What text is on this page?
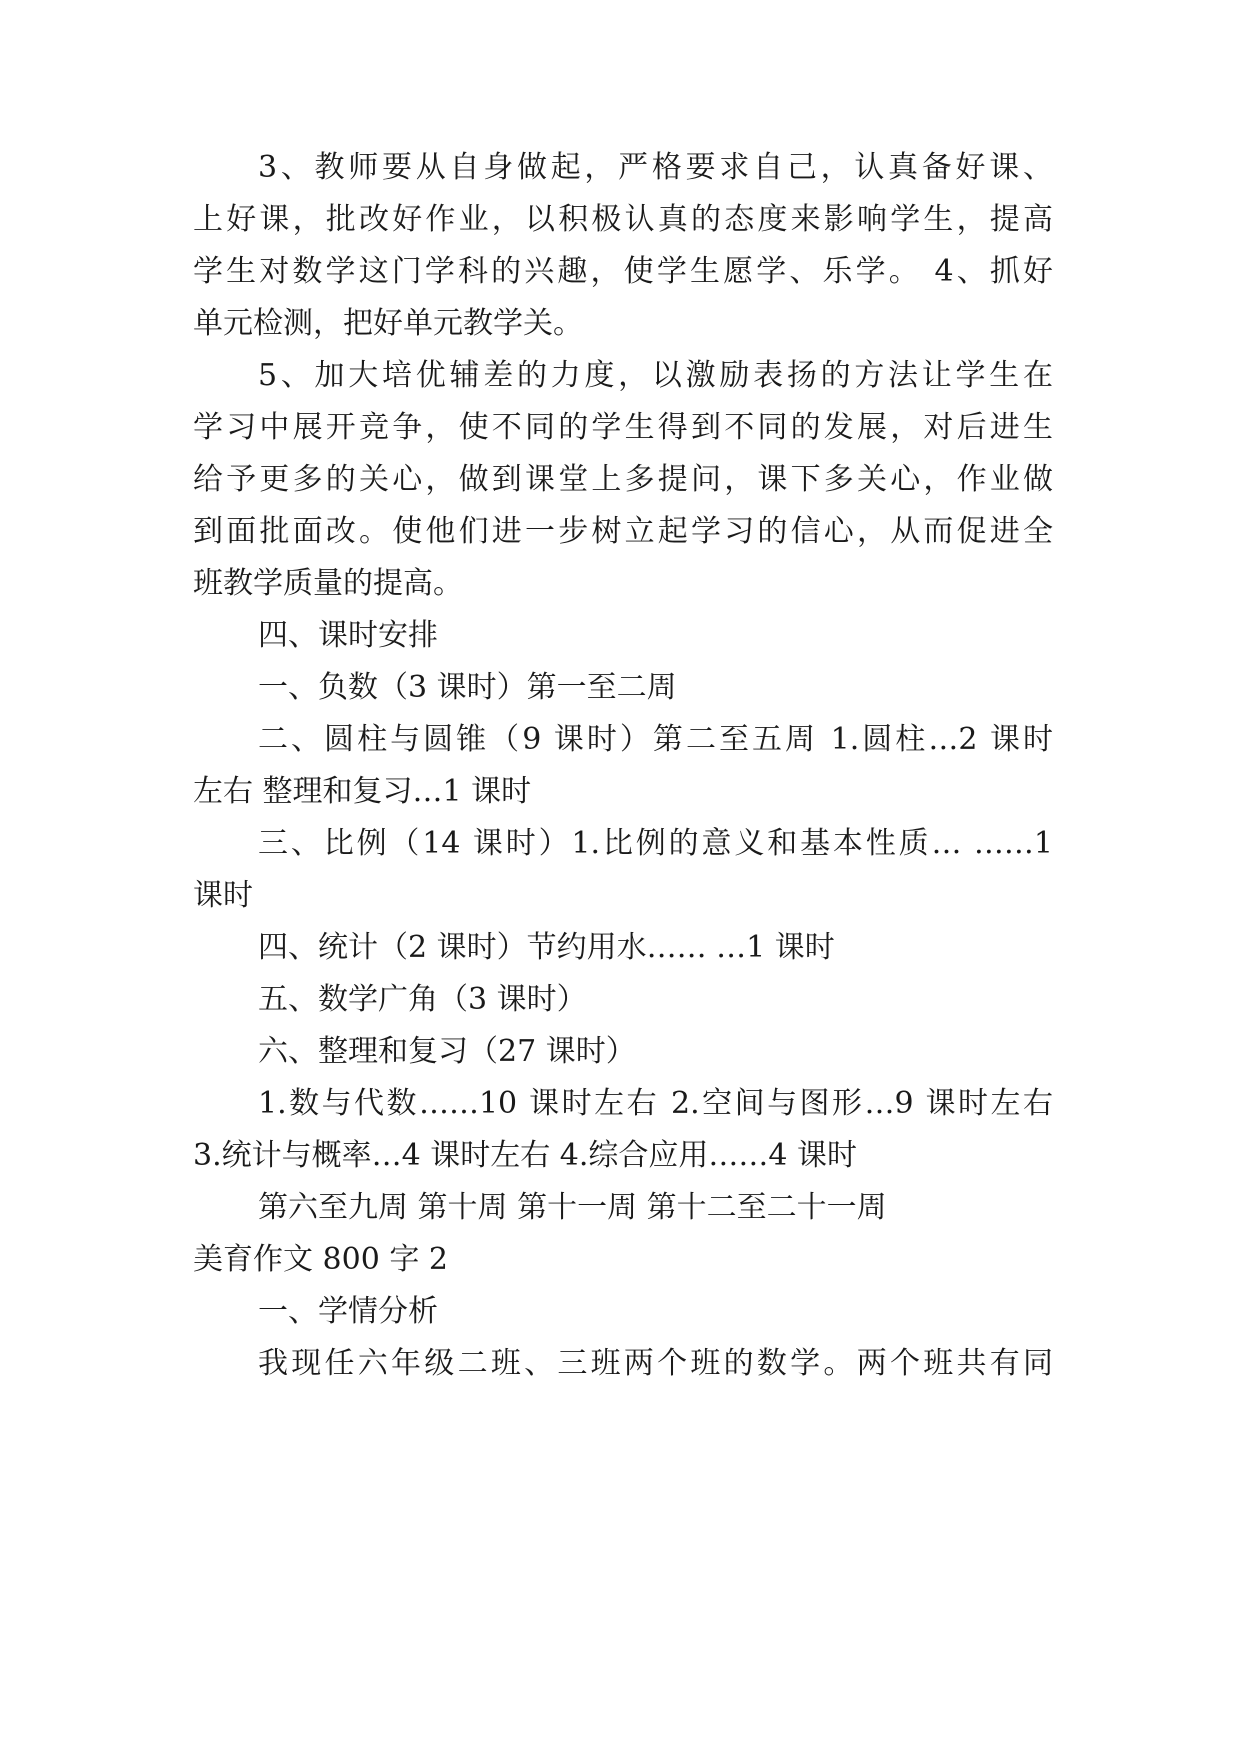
3、教师要从自身做起，严格要求自己，认真备好课、
上好课，批改好作业，以积极认真的态度来影响学生，提高
学生对数学这门学科的兴趣，使学生愿学、乐学。 4、抓好
单元检测，把好单元教学关。
5、加大培优辅差的力度，以激励表扬的方法让学生在
学习中展开竞争，使不同的学生得到不同的发展，对后进生
给予更多的关心，做到课堂上多提问，课下多关心，作业做
到面批面改。使他们进一步树立起学习的信心，从而促进全
班教学质量的提高。
四、课时安排
一、负数（3 课时）第一至二周
二、圆柱与圆锥（9 课时）第二至五周 1.圆柱…2 课时
左右 整理和复习…1 课时
三、比例（14 课时）1.比例的意义和基本性质… ……1
课时
四、统计（2 课时）节约用水…… …1 课时
五、数学广角（3 课时）
六、整理和复习（27 课时）
1.数与代数……10 课时左右 2.空间与图形…9 课时左右
3.统计与概率…4 课时左右 4.综合应用……4 课时
第六至九周 第十周 第十一周 第十二至二十一周
美育作文 800 字 2
一、学情分析
我现任六年级二班、三班两个班的数学。两个班共有同
